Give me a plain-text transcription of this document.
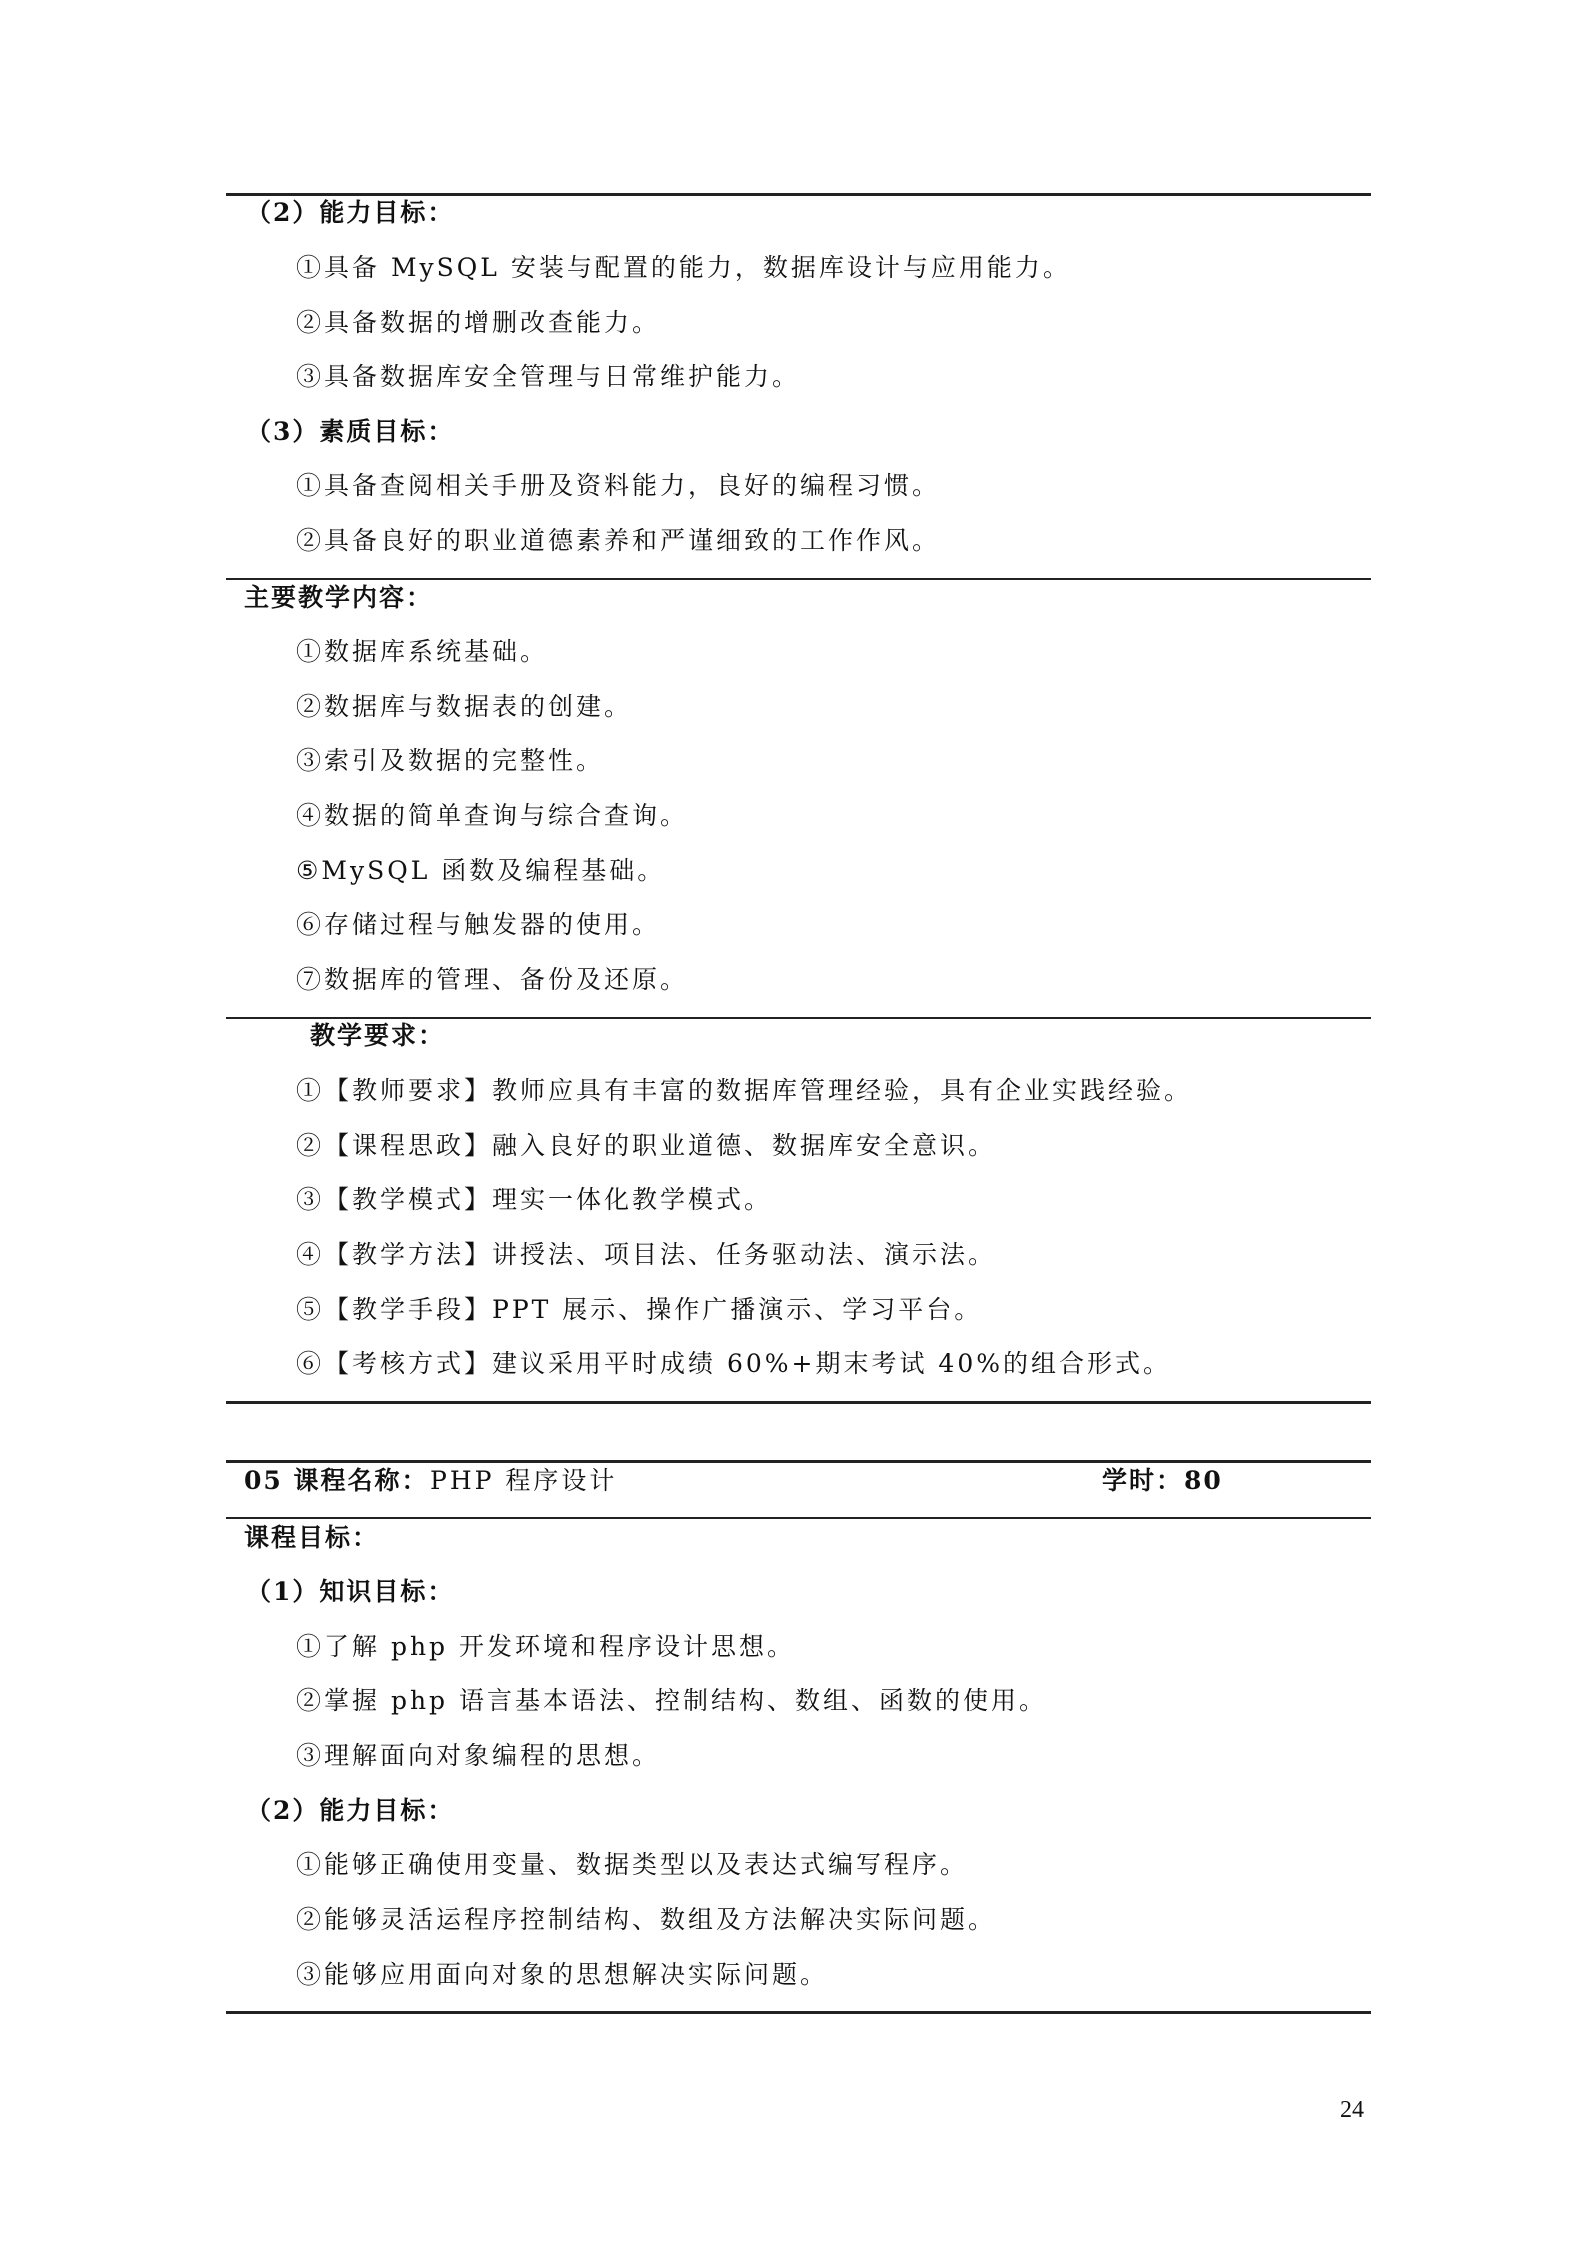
（2）能力目标：
①具备 MySQL 安装与配置的能力，数据库设计与应用能力。
②具备数据的增删改查能力。
③具备数据库安全管理与日常维护能力。
（3）素质目标：
①具备查阅相关手册及资料能力，良好的编程习惯。
②具备良好的职业道德素养和严谨细致的工作作风。
主要教学内容：
①数据库系统基础。
②数据库与数据表的创建。
③索引及数据的完整性。
④数据的简单查询与综合查询。
⑤MySQL 函数及编程基础。
⑥存储过程与触发器的使用。
⑦数据库的管理、备份及还原。
教学要求：
①【教师要求】教师应具有丰富的数据库管理经验，具有企业实践经验。
②【课程思政】融入良好的职业道德、数据库安全意识。
③【教学模式】理实一体化教学模式。
④【教学方法】讲授法、项目法、任务驱动法、演示法。
⑤【教学手段】PPT 展示、操作广播演示、学习平台。
⑥【考核方式】建议采用平时成绩 60%+期末考试 40%的组合形式。
05 课程名称： PHP 程序设计	学时： 80
课程目标：
（1）知识目标：
①了解 php 开发环境和程序设计思想。
②掌握 php 语言基本语法、控制结构、数组、函数的使用。
③理解面向对象编程的思想。
（2）能力目标：
①能够正确使用变量、数据类型以及表达式编写程序。
②能够灵活运程序控制结构、数组及方法解决实际问题。
③能够应用面向对象的思想解决实际问题。
24
